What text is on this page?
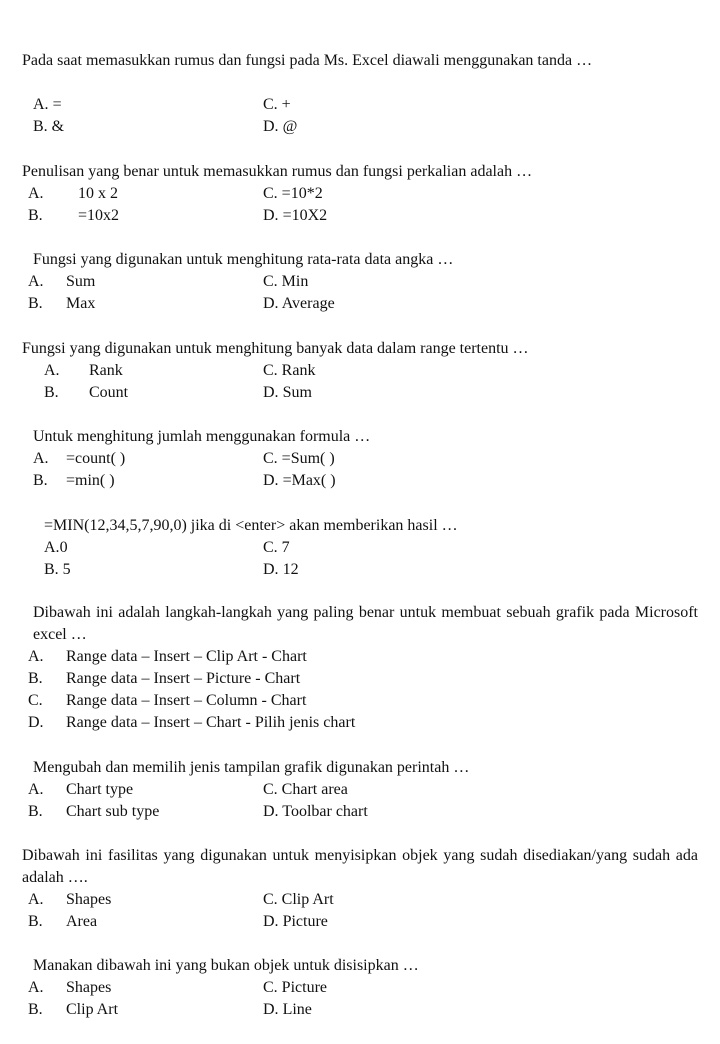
Pada saat memasukkan rumus dan fungsi pada Ms. Excel diawali menggunakan tanda …
A. =	C. +
B. &	D. @
Penulisan yang benar untuk memasukkan rumus dan fungsi perkalian adalah …
A. 10 x 2	C. =10*2
B. =10x2	D. =10X2
Fungsi yang digunakan untuk menghitung rata-rata data angka …
A. Sum	C. Min
B. Max	D. Average
Fungsi yang digunakan untuk menghitung banyak data dalam range tertentu …
A. Rank	C. Rank
B. Count	D. Sum
Untuk menghitung jumlah menggunakan formula …
A. =count( )	C. =Sum( )
B. =min( )	D. =Max( )
=MIN(12,34,5,7,90,0) jika di <enter> akan memberikan hasil …
A.0	C. 7
B. 5	D. 12
Dibawah ini adalah langkah-langkah yang paling benar untuk membuat sebuah grafik pada Microsoft excel …
A. Range data – Insert – Clip Art - Chart
B. Range data – Insert – Picture - Chart
C. Range data – Insert – Column - Chart
D. Range data – Insert – Chart - Pilih jenis chart
Mengubah dan memilih jenis tampilan grafik digunakan perintah …
A. Chart type	C. Chart area
B. Chart sub type	D. Toolbar chart
Dibawah ini fasilitas yang digunakan untuk menyisipkan objek yang sudah disediakan/yang sudah ada adalah ….
A. Shapes	C. Clip Art
B. Area	D. Picture
Manakan dibawah ini yang bukan objek untuk disisipkan …
A. Shapes	C. Picture
B. Clip Art	D. Line
